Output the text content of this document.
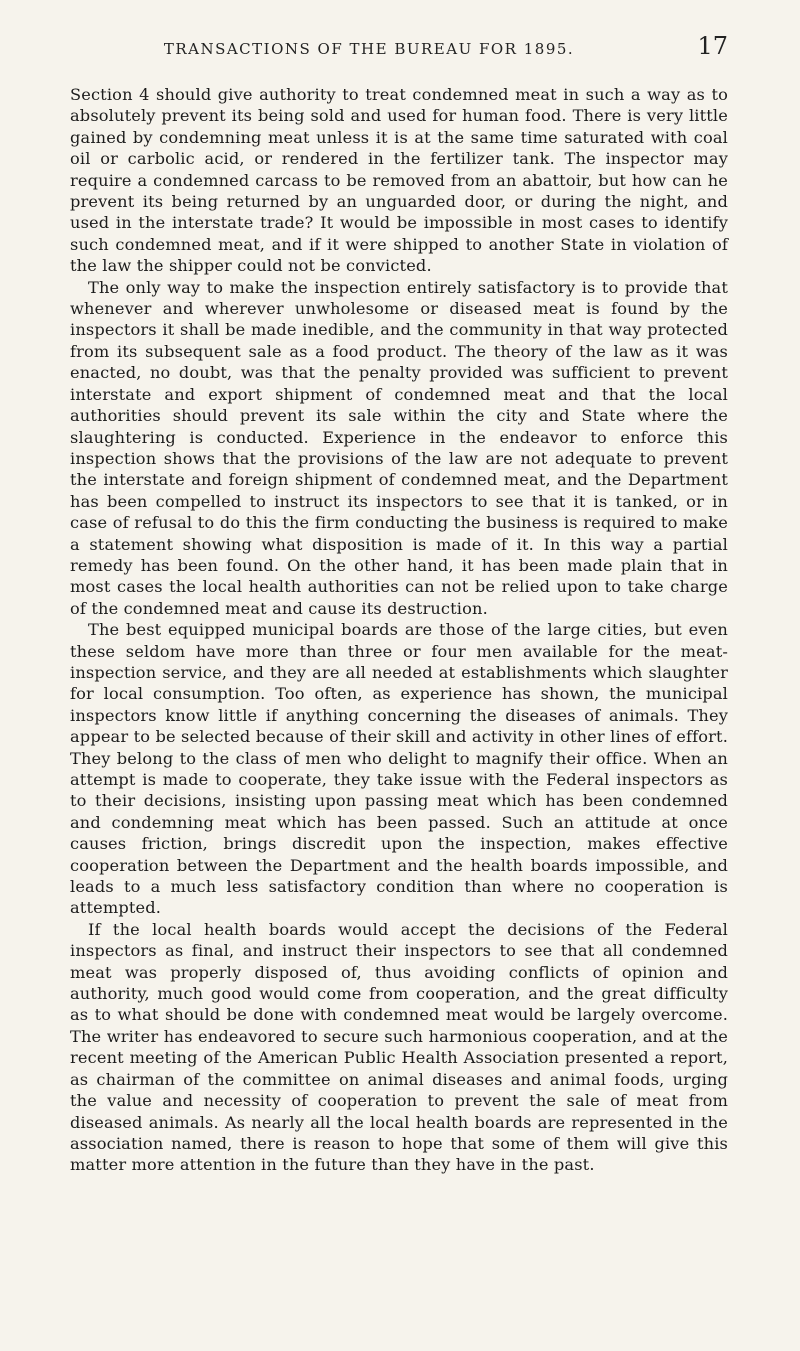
TRANSACTIONS OF THE BUREAU FOR 1895.	17

Section 4 should give authority to treat condemned meat in such a way as to absolutely prevent its being sold and used for human food. There is very little gained by condemning meat unless it is at the same time saturated with coal oil or carbolic acid, or rendered in the fertilizer tank. The inspector may require a condemned carcass to be removed from an abattoir, but how can he prevent its being returned by an unguarded door, or during the night, and used in the interstate trade? It would be impossible in most cases to identify such condemned meat, and if it were shipped to another State in violation of the law the shipper could not be convicted.

The only way to make the inspection entirely satisfactory is to provide that whenever and wherever unwholesome or diseased meat is found by the inspectors it shall be made inedible, and the community in that way protected from its subsequent sale as a food product. The theory of the law as it was enacted, no doubt, was that the penalty provided was sufficient to prevent interstate and export shipment of condemned meat and that the local authorities should prevent its sale within the city and State where the slaughtering is conducted. Experience in the endeavor to enforce this inspection shows that the provisions of the law are not adequate to prevent the interstate and foreign shipment of condemned meat, and the Department has been compelled to instruct its inspectors to see that it is tanked, or in case of refusal to do this the firm conducting the business is required to make a statement showing what disposition is made of it. In this way a partial remedy has been found. On the other hand, it has been made plain that in most cases the local health authorities can not be relied upon to take charge of the condemned meat and cause its destruction.

The best equipped municipal boards are those of the large cities, but even these seldom have more than three or four men available for the meat-inspection service, and they are all needed at establishments which slaughter for local consumption. Too often, as experience has shown, the municipal inspectors know little if anything concerning the diseases of animals. They appear to be selected because of their skill and activity in other lines of effort. They belong to the class of men who delight to magnify their office. When an attempt is made to cooperate, they take issue with the Federal inspectors as to their decisions, insisting upon passing meat which has been condemned and condemning meat which has been passed. Such an attitude at once causes friction, brings discredit upon the inspection, makes effective cooperation between the Department and the health boards impossible, and leads to a much less satisfactory condition than where no cooperation is attempted.

If the local health boards would accept the decisions of the Federal inspectors as final, and instruct their inspectors to see that all condemned meat was properly disposed of, thus avoiding conflicts of opinion and authority, much good would come from cooperation, and the great difficulty as to what should be done with condemned meat would be largely overcome. The writer has endeavored to secure such harmonious cooperation, and at the recent meeting of the American Public Health Association presented a report, as chairman of the committee on animal diseases and animal foods, urging the value and necessity of cooperation to prevent the sale of meat from diseased animals. As nearly all the local health boards are represented in the association named, there is reason to hope that some of them will give this matter more attention in the future than they have in the past.
